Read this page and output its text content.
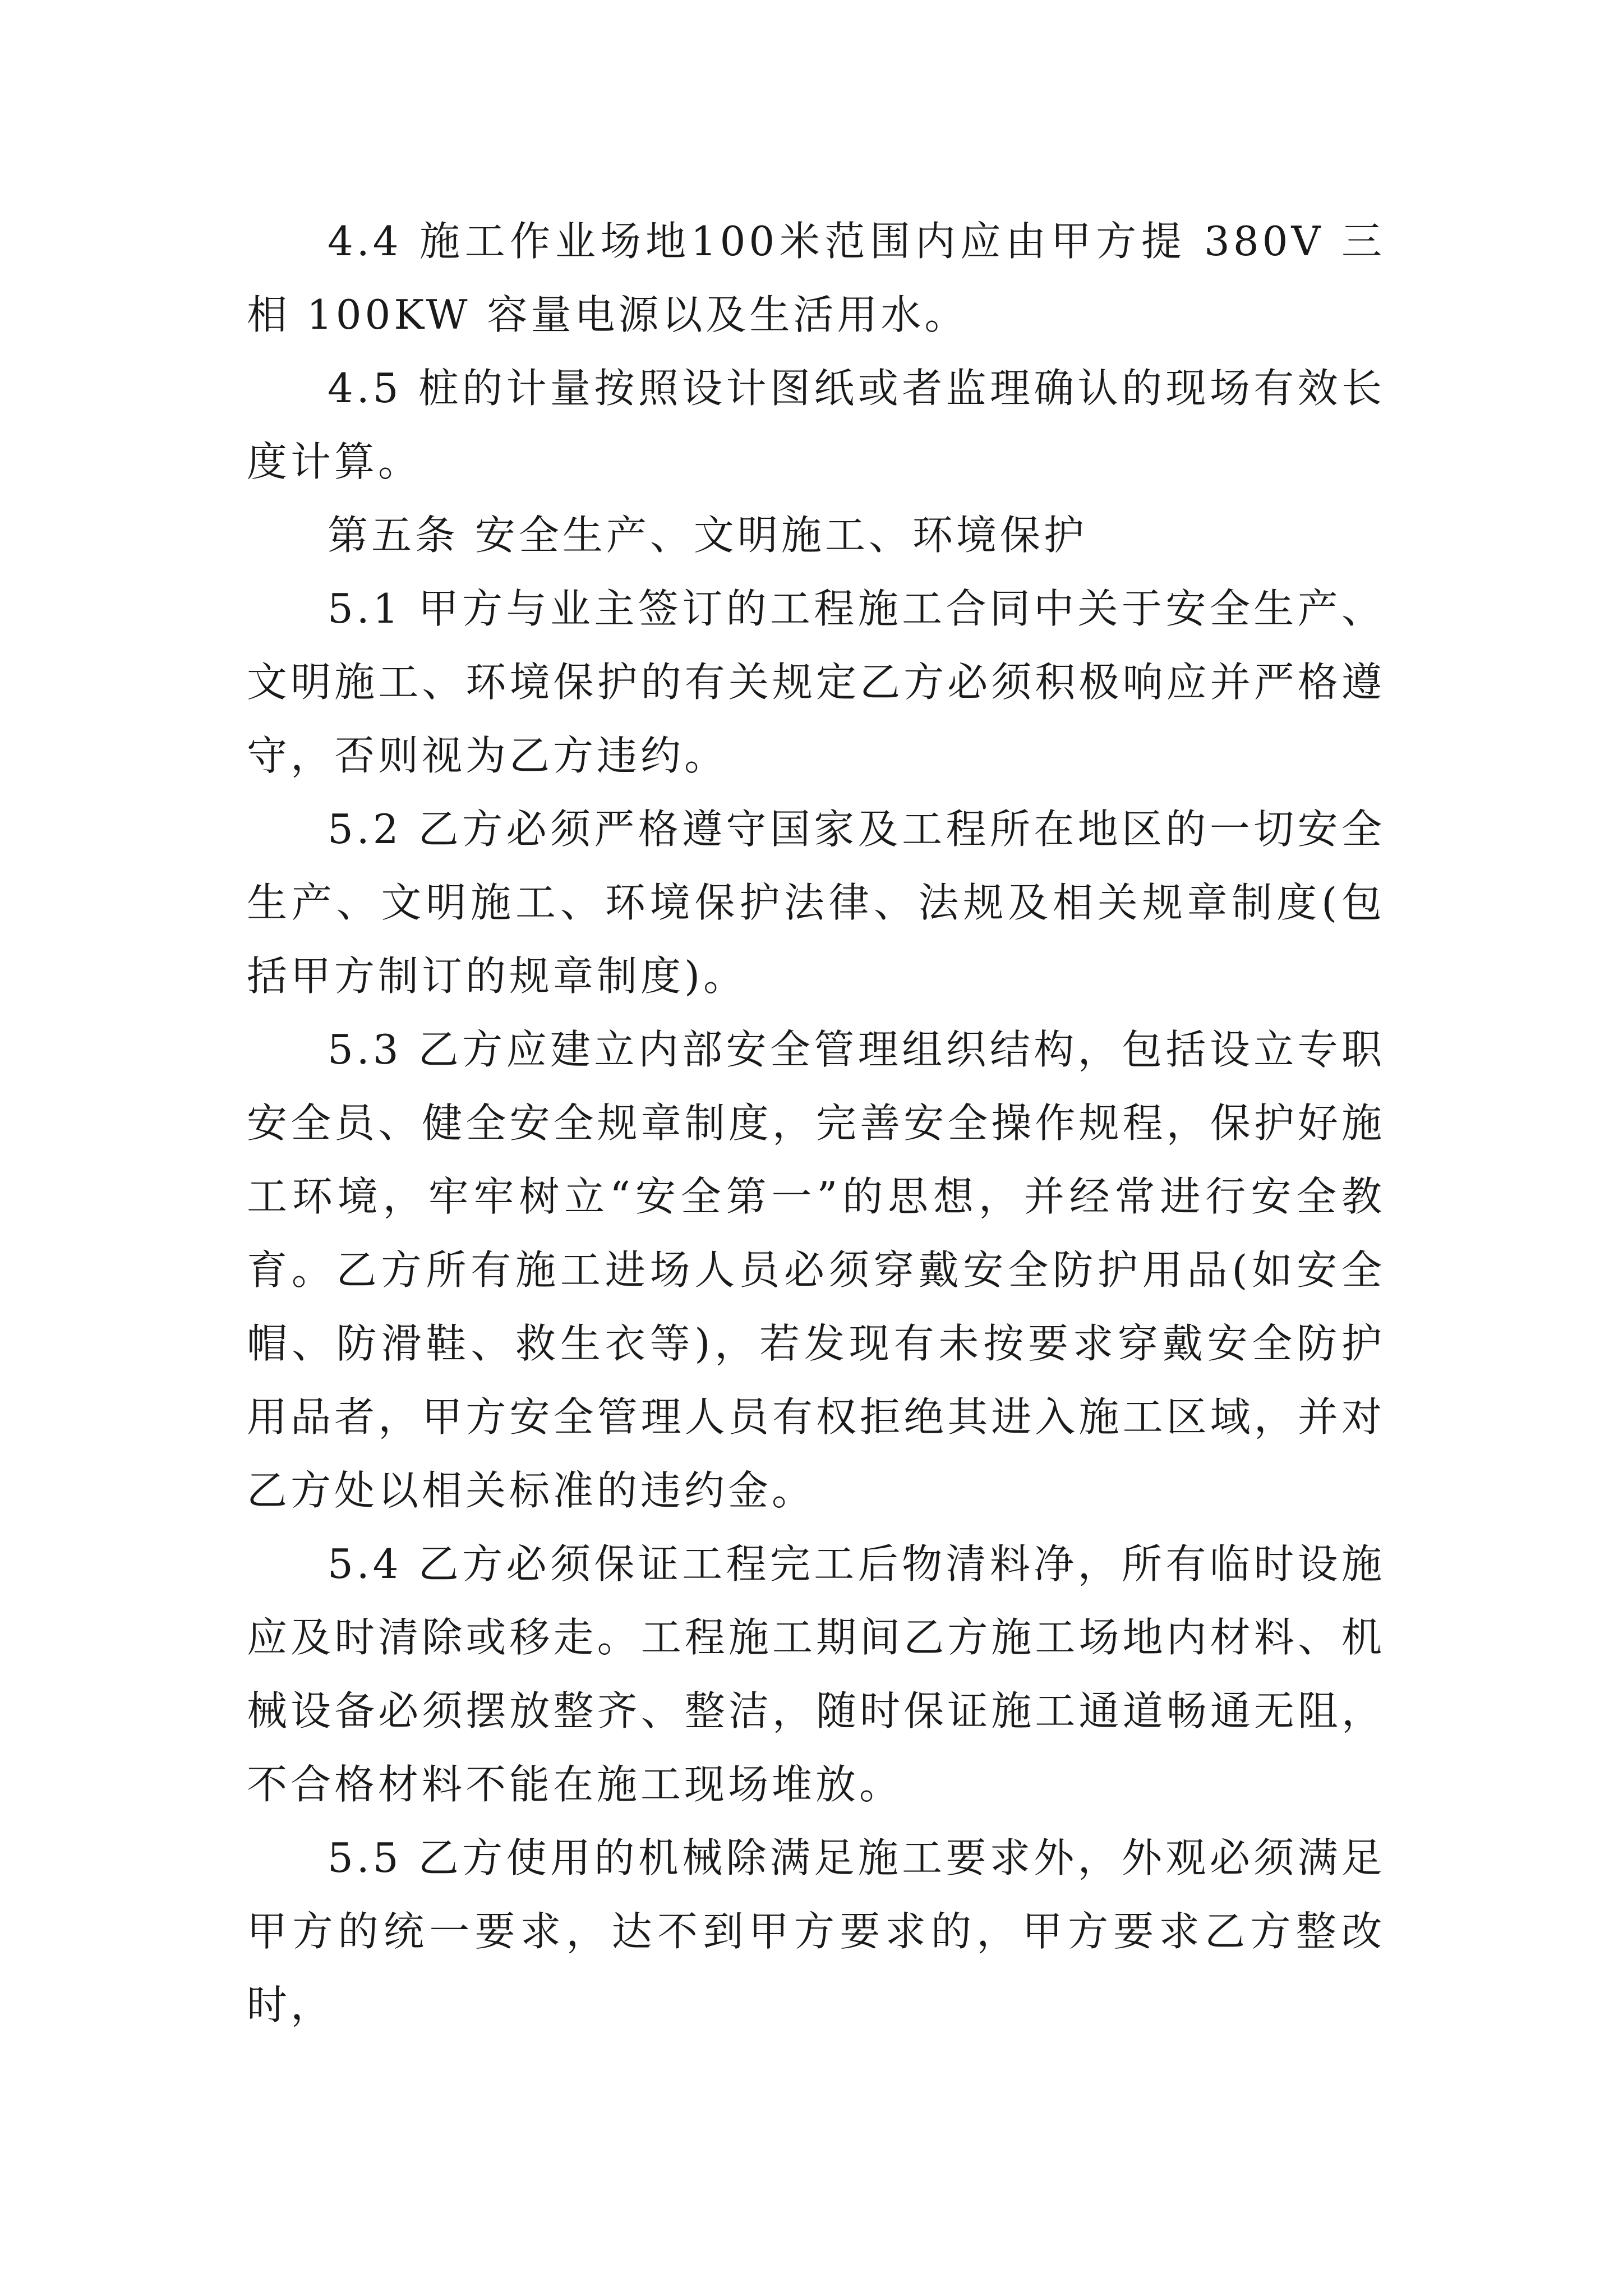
4.4 施工作业场地100米范围内应由甲方提 380V 三相 100KW 容量电源以及生活用水。

4.5 桩的计量按照设计图纸或者监理确认的现场有效长度计算。

第五条 安全生产、文明施工、环境保护

5.1 甲方与业主签订的工程施工合同中关于安全生产、文明施工、环境保护的有关规定乙方必须积极响应并严格遵守，否则视为乙方违约。

5.2 乙方必须严格遵守国家及工程所在地区的一切安全生产、文明施工、环境保护法律、法规及相关规章制度(包括甲方制订的规章制度)。

5.3 乙方应建立内部安全管理组织结构，包括设立专职安全员、健全安全规章制度，完善安全操作规程，保护好施工环境，牢牢树立“安全第一”的思想，并经常进行安全教育。乙方所有施工进场人员必须穿戴安全防护用品(如安全帽、防滑鞋、救生衣等)，若发现有未按要求穿戴安全防护用品者，甲方安全管理人员有权拒绝其进入施工区域，并对乙方处以相关标准的违约金。

5.4 乙方必须保证工程完工后物清料净，所有临时设施应及时清除或移走。工程施工期间乙方施工场地内材料、机械设备必须摆放整齐、整洁，随时保证施工通道畅通无阻，不合格材料不能在施工现场堆放。

5.5 乙方使用的机械除满足施工要求外，外观必须满足甲方的统一要求，达不到甲方要求的，甲方要求乙方整改时，
